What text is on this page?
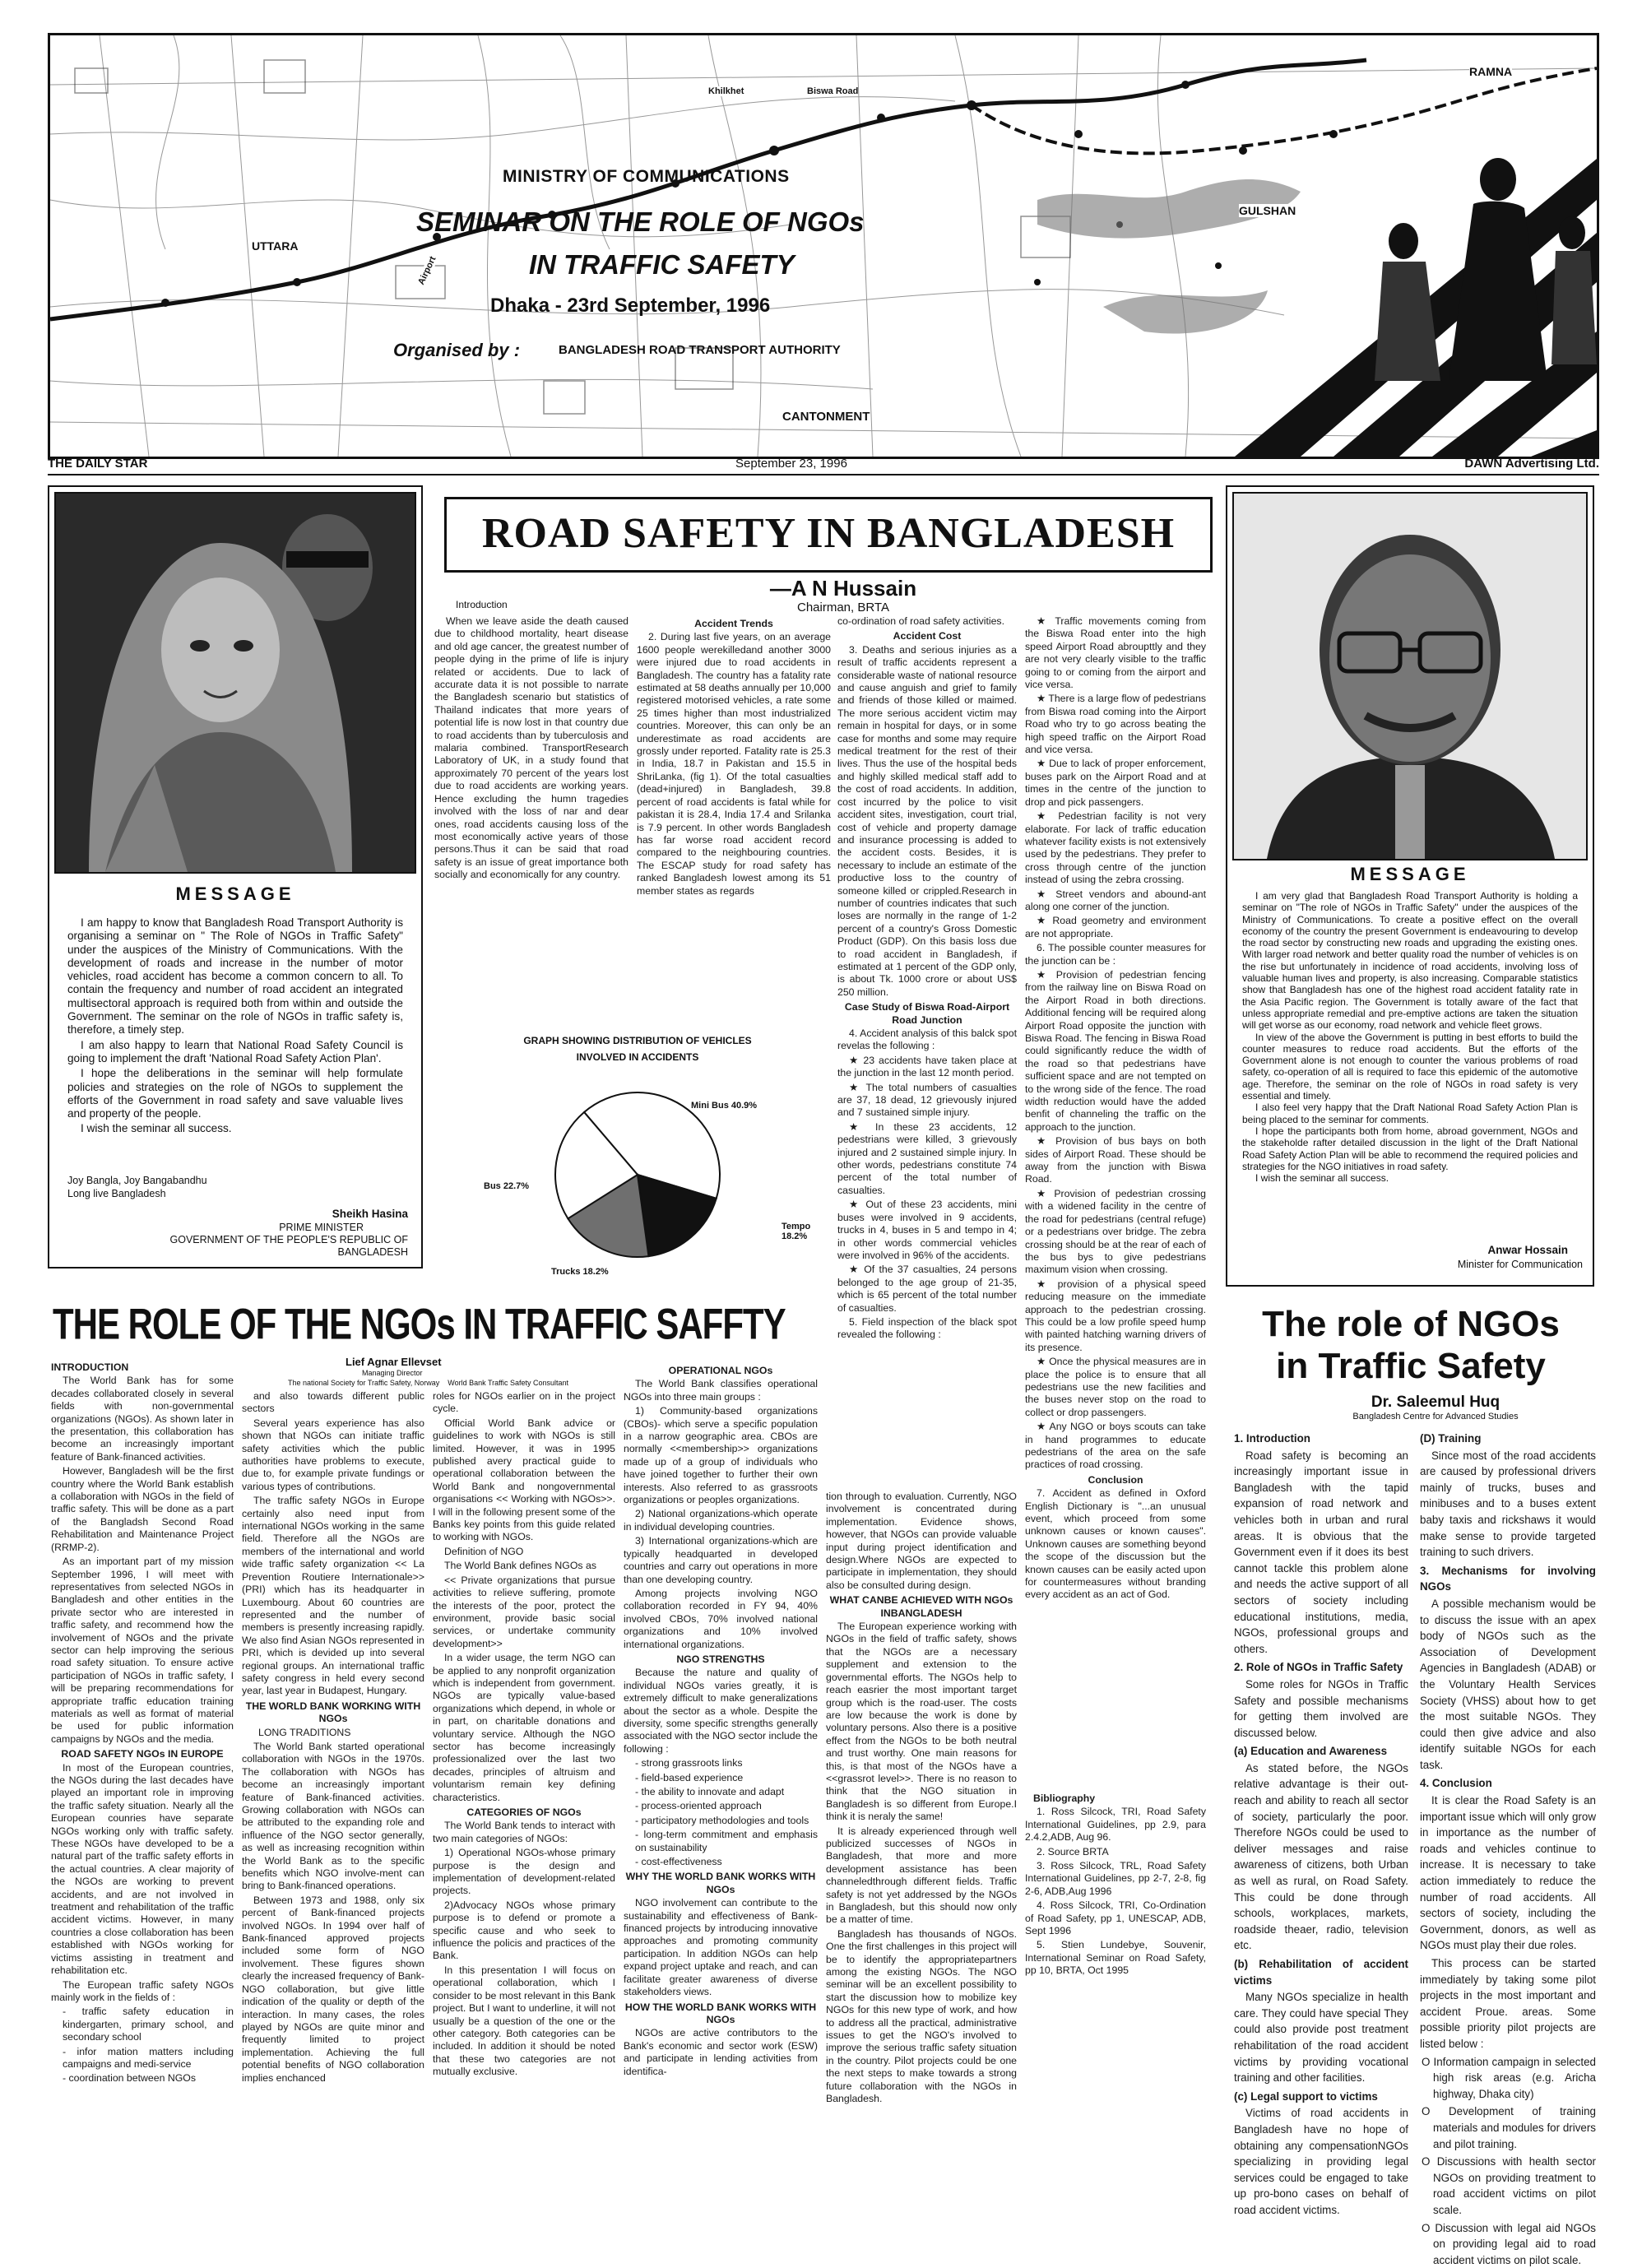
MINISTRY OF COMMUNICATIONS
SEMINAR ON THE ROLE OF NGOs
IN TRAFFIC SAFETY
Dhaka - 23rd September, 1996
Organised by :	BANGLADESH ROAD TRANSPORT AUTHORITY
UTTARA
Khilkhet	Biswa Road
Airport
GULSHAN
RAMNA
CANTONMENT
THE DAILY STAR	September 23, 1996	DAWN Advertising Ltd.
MESSAGE

I am happy to know that Bangladesh Road Transport Authority is organising a seminar on " The Role of NGOs in Traffic Safety" under the auspices of the Ministry of Communications. With the development of roads and increase in the number of motor vehicles, road accident has become a common concern to all. To contain the frequency and number of road accident an integrated multisectoral approach is required both from within and outside the Government. The seminar on the role of NGOs in traffic safety is, therefore, a timely step.

I am also happy to learn that National Road Safety Council is going to implement the draft 'National Road Safety Action Plan'.

I hope the deliberations in the seminar will help formulate policies and strategies on the role of NGOs to supplement the efforts of the Government in road safety and save valuable lives and property of the people.

I wish the seminar all success.

Joy Bangla, Joy Bangabandhu
Long live Bangladesh
Sheikh Hasina
PRIME MINISTER
GOVERNMENT OF THE PEOPLE'S REPUBLIC OF
BANGLADESH
ROAD SAFETY IN BANGLADESH
—A N Hussain
Chairman, BRTA
Introduction

When we leave aside the death caused due to childhood mortality, heart disease and old age cancer, the greatest number of people dying in the prime of life is injury related or accidents. Due to lack of accurate data it is not possible to narrate the Bangladesh scenario but statistics of Thailand indicates that more years of potential life is now lost in that country due to road accidents than by tuberculosis and malaria combined. TransportResearch Laboratory of UK, in a study found that approximately 70 percent of the years lost due to road accidents are working years. Hence excluding the humn tragedies involved with the loss of nar and dear ones, road accidents causing loss of the most economically active years of those persons.Thus it can be said that road safety is an issue of great importance both socially and economically for any country.

Accident Trends

2. During last five years, on an average 1600 people werekilledand another 3000 were injured due to road accidents in Bangladesh. The country has a fatality rate estimated at 58 deaths annually per 10,000 registered motorised vehicles, a rate some 25 times higher than most industrialized countries. Moreover, this can only be an underestimate as road accidents are grossly under reported. Fatality rate is 25.3 in India, 18.7 in Pakistan and 15.5 in ShriLanka, (fig 1). Of the total casualties (dead+injured) in Bangladesh, 39.8 percent of road accidents is fatal while for pakistan it is 28.4, India 17.4 and Srilanka is 7.9 percent. In other words Bangladesh has far worse road accident record compared to the neighbouring countries. The ESCAP study for road safety has ranked Bangladesh lowest among its 51 member states as regards

GRAPH SHOWING DISTRIBUTION OF VEHICLES
INVOLVED IN ACCIDENTS
Mini Bus 40.9%
Tempo 18.2%
Trucks 18.2%
Bus 22.7%

co-ordination of road safety activities.

Accident Cost

3. Deaths and serious injuries as a result of traffic accidents represent a considerable waste of national resource and cause anguish and grief to family and friends of those killed or maimed. The more serious accident victim may remain in hospital for days, or in some case for months and some may require medical treatment for the rest of their lives. Thus the use of the hospital beds and highly skilled medical staff add to the cost of road accidents. In addition, cost incurred by the police to visit accident sites, investigation, court trial, cost of vehicle and property damage and insurance processing is added to the accident costs. Besides, it is necessary to include an estimate of the productive loss to the country of someone killed or crippled.Research in number of countries indicates that such loses are normally in the range of 1-2 percent of a country's Gross Domestic Product (GDP). On this basis loss due to road accident in Bangladesh, if estimated at 1 percent of the GDP only, is about Tk. 1000 crore or about US$ 250 million.

Case Study of Biswa Road-Airport Road Junction

4. Accident analysis of this balck spot revelas the following :

★ 23 accidents have taken place at the junction in the last 12 month period.

★ The total numbers of casualties are 37, 18 dead, 12 grievously injured and 7 sustained simple injury.

★ In these 23 accidents, 12 pedestrians were killed, 3 grievously injured and 2 sustained simple injury. In other words, pedestrians constitute 74 percent of the total number of casualties.

★ Out of these 23 accidents, mini buses were involved in 9 accidents, trucks in 4, buses in 5 and tempo in 4; in other words commercial vehicles were involved in 96% of the accidents.

★ Of the 37 casualties, 24 persons belonged to the age group of 21-35, which is 65 percent of the total number of casualties.

5. Field inspection of the black spot revealed the following :

★ Traffic movements coming from the Biswa Road enter into the high speed Airport Road abroupttly and they are not very clearly visible to the traffic going to or coming from the airport and vice versa.

★ There is a large flow of pedestrians from Biswa road coming into the Airport Road who try to go across beating the high speed traffic on the Airport Road and vice versa.

★ Due to lack of proper enforcement, buses park on the Airport Road and at times in the centre of the junction to drop and pick passengers.

★ Pedestrian facility is not very elaborate. For lack of traffic education whatever facility exists is not extensively used by the pedestrians. They prefer to cross through centre of the junction instead of using the zebra crossing.

★ Street vendors and abound-ant along one corner of the junction.

★ Road geometry and environment are not appropriate.

6. The possible counter measures for the junction can be :

★ Provision of pedestrian fencing from the railway line on Biswa Road on the Airport Road in both directions. Additional fencing will be required along Airport Road opposite the junction with Biswa Road. The fencing in Biswa Road could significantly reduce the width of the road so that pedestrians have sufficient space and are not tempted on to the wrong side of the fence. The road width reduction would have the added benfit of channeling the traffic on the approach to the junction.

★ Provision of bus bays on both sides of Airport Road. These should be away from the junction with Biswa Road.

★ Provision of pedestrian crossing with a widened facility in the centre of the road for pedestrians (central refuge) or a pedestrians over bridge. The zebra crossing should be at the rear of each of the bus bys to give pedestrians maximum vision when crossing.

★ provision of a physical speed reducing measure on the immediate approach to the pedestrian crossing. This could be a low profile speed hump with painted hatching warning drivers of its presence.

★ Once the physical measures are in place the police is to ensure that all pedestrians use the new facilities and the buses never stop on the road to collect or drop passengers.

★ Any NGO or boys scouts can take in hand programmes to educate pedestrians of the area on the safe practices of road crossing.

Conclusion

7. Accident as defined in Oxford English Dictionary is "...an unusual event, which proceed from some unknown causes or known causes". Unknown causes are something beyond the scope of the discussion but the known causes can be easily acted upon for countermeasures without branding every accident as an act of God.

MESSAGE

I am very glad that Bangladesh Road Transport Authority is holding a seminar on "The role of NGOs in Traffic Safety" under the auspices of the Ministry of Communications. To create a positive effect on the overall economy of the country the present Government is endeavouring to develop the road sector by constructing new roads and upgrading the existing ones. With larger road network and better quality road the number of vehicles is on the rise but unfortunately in incidence of road accidents, involving loss of valuable human lives and property, is also increasing. Comparable statistics show that Bangladesh has one of the highest road accident fatality rate in the Asia Pacific region. The Government is totally aware of the fact that unless appropriate remedial and pre-emptive actions are taken the situation will get worse as our economy, road network and vehicle fleet grows.

In view of the above the Government is putting in best efforts to build the counter measures to reduce road accidents. But the efforts of the Government alone is not enough to counter the various problems of road safety, co-operation of all is required to face this epidemic of the automotive age. Therefore, the seminar on the role of NGOs in road safety is very essential and timely.

I also feel very happy that the Draft National Road Safety Action Plan is being placed to the seminar for comments.

I hope the participants both from home, abroad government, NGOs and the stakeholde rafter detailed discussion in the light of the Draft National Road Safety Action Plan will be able to recommend the required policies and strategies for the NGO initiatives in road safety.

I wish the seminar all success.

Anwar Hossain
Minister for Communication
THE ROLE OF THE NGOs IN TRAFFIC SAFFTY
Lief Agnar Ellevset
Managing Director
The national Society for Traffic Safety, Norway    World Bank Traffic Safety Consultant
INTRODUCTION

The World Bank has for some decades collaborated closely in several fields with non-governmental organizations (NGOs). As shown later in the presentation, this collaboration has become an increasingly important feature of Bank-financed activities.

However, Bangladesh will be the first country where the World Bank establish a collaboration with NGOs in the field of traffic safety. This will be done as a part of the Bangladsh Second Road Rehabilitation and Maintenance Project (RRMP-2).

As an important part of my mission September 1996, I will meet with representatives from selected NGOs in Bangladesh and other entities in the private sector who are interested in traffic safety, and recommend how the involvement of NGOs and the private sector can help improving the serious road safety situation. To ensure active participation of NGOs in traffic safety, I will be preparing recommendations for appropriate traffic education training materials as well as format of material be used for public information campaigns by NGOs and the media.

ROAD SAFETY NGOs IN EUROPE

In most of the European countries, the NGOs during the last decades have played an important role in improving the traffic safety situation. Nearly all the European counries have separate NGOs working only with traffic safety. These NGOs have developed to be a natural part of the traffic safety efforts in the actual countries. A clear majority of the NGOs are working to prevent accidents, and are not involved in treatment and rehabilitation of the traffic accident victims. However, in many countries a close collaboration has been established with NGOs working for victims assisting in treatment and rehabilitation etc.

The European traffic safety NGOs mainly work in the fields of :

- traffic safety education in kindergarten, primary school, and secondary school

- infor mation matters including campaigns and medi-service

- coordination between NGOs

and also towards different public sectors

Several years experience has also shown that NGOs can initiate traffic safety activities which the public authorities have problems to execute, due to, for example private fundings or various types of contributions.

The traffic safety NGOs in Europe certainly also need input from international NGOs working in the same field. Therefore all the NGOs are members of the international and world wide traffic safety organization << La Prevention Routiere Internationale>> (PRI) which has its headquarter in Luxembourg. About 60 countries are represented and the number of members is presently increasing rapidly. We also find Asian NGOs represented in PRI, which is devided up into several regional groups. An international traffic safety congress in held every second year, last year in Budapest, Hungary.

THE WORLD BANK WORKING WITH NGOs

LONG TRADITIONS

The World Bank started operational collaboration with NGOs in the 1970s. The collaboration with NGOs has become an increasingly important feature of Bank-financed activities. Growing collaboration with NGOs can be attributed to the expanding role and influence of the NGO sector generally, as well as increasing recognition within the World Bank as to the specific benefits which NGO involve-ment can bring to Bank-financed operations.

Between 1973 and 1988, only six percent of Bank-financed projects involved NGOs. In 1994 over half of Bank-financed approved projects included some form of NGO involvement. These figures shown clearly the increased frequency of Bank-NGO collaboration, but give little indication of the quality or depth of the interaction. In many cases, the roles played by NGOs are quite minor and frequently limited to project implementation. Achieving the full potential benefits of NGO collaboration implies enchanced

roles for NGOs earlier on in the project cycle.

Official World Bank advice or guidelines to work with NGOs is still limited. However, it was in 1995 published avery practical guide to operational collaboration between the World Bank and nongovernmental organisations << Working with NGOs>>. I will in the following present some of the Banks key points from this guide related to working with NGOs.

Definition of NGO

The World Bank defines NGOs as

<< Private organizations that pursue activities to relieve suffering, promote the interests of the poor, protect the environment, provide basic social services, or undertake community development>>

In a wider usage, the term NGO can be applied to any nonprofit organization which is independent from government. NGOs are typically value-based organizations which depend, in whole or in part, on charitable donations and voluntary service. Although the NGO sector has become increasingly professionalized over the last two decades, principles of altruism and voluntarism remain key defining characteristics.

CATEGORIES OF NGOs

The World Bank tends to interact with two main categories of NGOs:

1) Operational NGOs-whose primary purpose is the design and implementation of development-related projects.

2)Advocacy NGOs whose primary purpose is to defend or promote a specific cause and who seek to influence the policis and practices of the Bank.

In this presentation I will focus on operational collaboration, which I consider to be most relevant in this Bank project. But I want to underline, it will not usually be a question of the one or the other category. Both categories can be included. In addition it should be noted that these two categories are not mutually exclusive.

OPERATIONAL NGOs

The World Bank classifies operational NGOs into three main groups :

1) Community-based organizations (CBOs)- which serve a specific population in a narrow geographic area. CBOs are normally <<membership>> organizations made up of a group of individuals who have joined together to further their own interests. Also referred to as grassroots organizations or peoples organizations.

2) National organizations-which operate in individual developing countries.

3) International organizations-which are typically headquarted in developed countries and carry out operations in more than one developing country.

Among projects involving NGO collaboration recorded in FY 94, 40% involved CBOs, 70% involved national organizations and 10% involved international organizations.

NGO STRENGTHS

Because the nature and quality of individual NGOs varies greatly, it is extremely difficult to make generalizations about the sector as a whole. Despite the diversity, some specific strengths generally associated with the NGO sector include the following :

- strong grassroots links

- field-based experience

- the ability to innovate and adapt

- process-oriented approach

- participatory methodologies and tools

- long-term commitment and emphasis on sustainability

- cost-effectiveness

WHY THE WORLD BANK WORKS WITH NGOs

NGO involvement can contribute to the sustainability and effectiveness of Bank-financed projects by introducing innovative approaches and promoting community participation. In addition NGOs can help expand project uptake and reach, and can facilitate greater awareness of diverse stakeholders views.

HOW THE WORLD BANK WORKS WITH NGOs

NGOs are active contributors to the Bank's economic and sector work (ESW) and participate in lending activities from identifica-

tion through to evaluation. Currently, NGO involvement is concentrated during implementation. Evidence shows, however, that NGOs can provide valuable input during project identification and design.Where NGOs are expected to participate in implementation, they should also be consulted during design.

WHAT CANBE ACHIEVED WITH NGOs INBANGLADESH

The European experience working with NGOs in the field of traffic safety, shows that the NGOs are a necessary supplement and extension to the governmental efforts. The NGOs help to reach easrier the most important target group which is the road-user. The costs are low because the work is done by voluntary persons. Also there is a positive effect from the NGOs to be both neutral and trust worthy. One main reasons for this, is that most of the NGOs have a <<grassrot level>>. There is no reason to think that the NGO situation in Bangladesh is so different from Europe.I think it is neraly the same!

It is already experienced through well publicized successes of NGOs in Bangladesh, that more and more development assistance has been channeledthrough different fields. Traffic safety is not yet addressed by the NGOs in Bangladesh, but this should now only be a matter of time.

Bangladesh has thousands of NGOs. One the first challenges in this project will be to identify the appropriatepartners among the existing NGOs. The NGO seminar will be an excellent possibility to start the discussion how to mobilize key NGOs for this new type of work, and how to address all the practical, administrative issues to get the NGO's involved to improve the serious traffic safety situation in the country. Pilot projects could be one the next steps to make towards a strong future collaboration with the NGOs in Bangladesh.

Bibliography

1. Ross Silcock, TRI, Road Safety International Guidelines, pp 2.9, para 2.4.2,ADB, Aug 96.

2. Source BRTA

3. Ross Silcock, TRL, Road Safety International Guidelines, pp 2-7, 2-8, fig 2-6, ADB,Aug 1996

4. Ross Silcock, TRI, Co-Ordination of Road Safety, pp 1, UNESCAP, ADB, Sept 1996

5. Stien Lundebye, Souvenir, International Seminar on Road Safety, pp 10, BRTA, Oct 1995

The role of NGOs
in Traffic Safety
Dr. Saleemul Huq
Bangladesh Centre for Advanced Studies

1. Introduction

Road safety is becoming an increasingly important issue in Bangladesh with the tapid expansion of road network and vehicles both in urban and rural areas. It is obvious that the Government even if it does its best cannot tackle this problem alone and needs the active support of all sectors of society including educational institutions, media, NGOs, professional groups and others.

2. Role of NGOs in Traffic Safety

Some roles for NGOs in Traffic Safety and possible mechanisms for getting them involved are discussed below.

(a) Education and Awareness

As stated before, the NGOs relative advantage is their out-reach and ability to reach all sector of society, particularly the poor. Therefore NGOs could be used to deliver messages and raise awareness of citizens, both Urban as well as rural, on Road Safety. This could be done through schools, workplaces, markets, roadside theaer, radio, television etc.

(b) Rehabilitation of accident victims

Many NGOs specialize in health care. They could have special They could also provide post treatment rehabilitation of the road accident victims by providing vocational training and other facilities.

(c) Legal support to victims

Victims of road accidents in Bangladesh have no hope of obtaining any compensationNGOs specializing in providing legal services could be engaged to take up pro-bono cases on behalf of road accident victims.

(D) Training

Since most of the road accidents are caused by professional drivers mainly of trucks, buses and minibuses and to a buses extent baby taxis and rickshaws it would make sense to provide targeted training to such drivers.

3. Mechanisms for involving NGOs

A possible mechanism would be to discuss the issue with an apex body of NGOs such as the Association of Development Agencies in Bangladesh (ADAB) or the Voluntary Health Services Society (VHSS) about how to get the most suitable NGOs. They could then give advice and also identify suitable NGOs for each task.

4. Conclusion

It is clear the Road Safety is an important issue which will only grow in importance as the number of roads and vehicles continue to increase. It is necessary to take action immediately to reduce the number of road accidents. All sectors of society, including the Government, donors, as well as NGOs must play their due roles.

This process can be started immediately by taking some pilot projects in the most important and accident Proue. areas. Some possible priority pilot projects are listed below :

O Information campaign in selected high risk areas (e.g. Aricha highway, Dhaka city)

O Development of training materials and modules for drivers and pilot training.

O Discussions with health sector NGOs on providing treatment to road accident victims on pilot scale.

O Discussion with legal aid NGOs on providing legal aid to road accident victims on pilot scale.
